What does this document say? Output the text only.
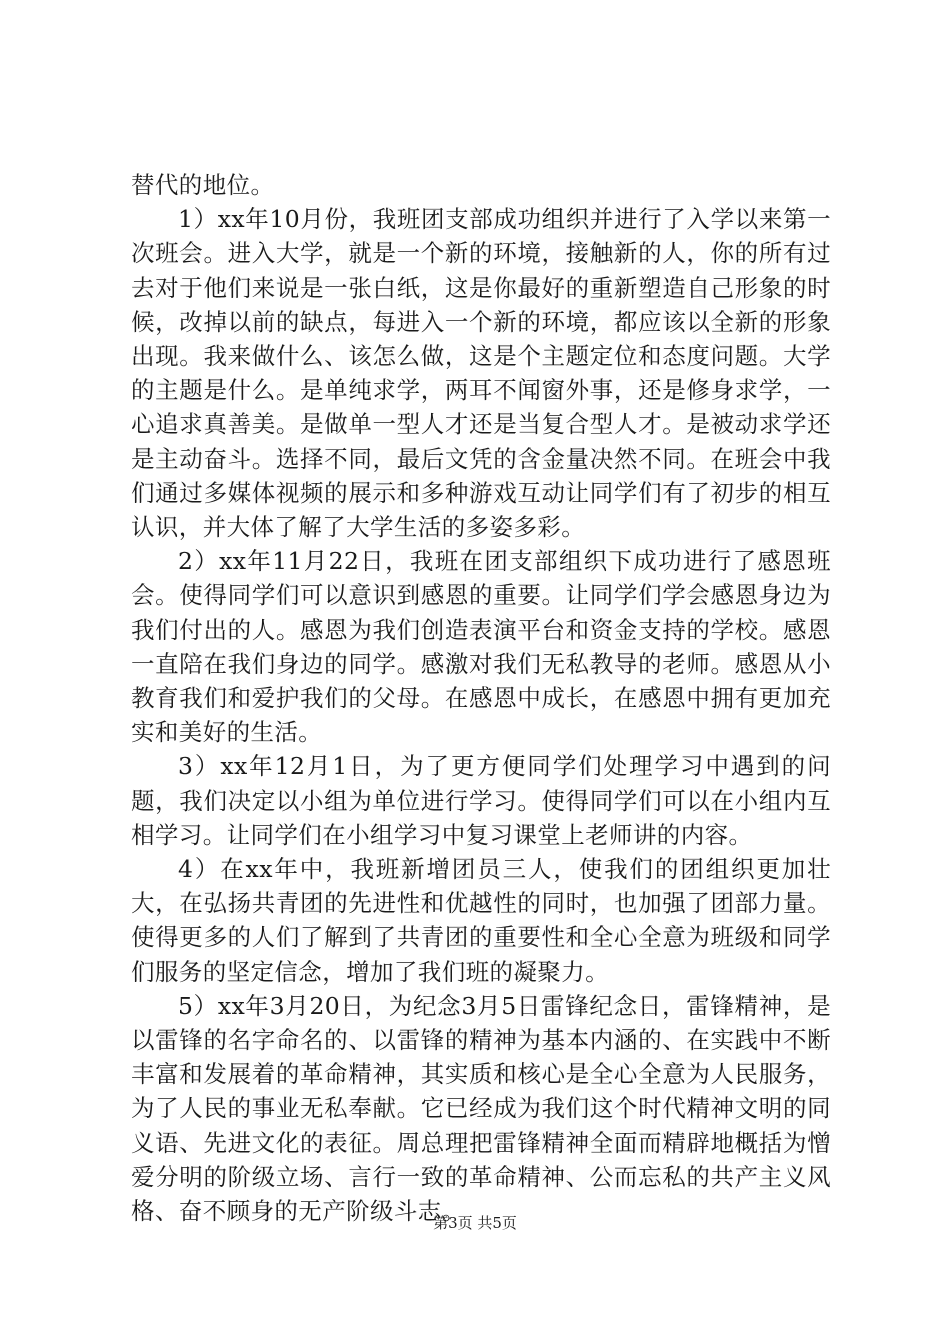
替代的地位。

1）xx年10月份，我班团支部成功组织并进行了入学以来第一次班会。进入大学，就是一个新的环境，接触新的人，你的所有过去对于他们来说是一张白纸，这是你最好的重新塑造自己形象的时候，改掉以前的缺点，每进入一个新的环境，都应该以全新的形象出现。我来做什么、该怎么做，这是个主题定位和态度问题。大学的主题是什么。是单纯求学，两耳不闻窗外事，还是修身求学，一心追求真善美。是做单一型人才还是当复合型人才。是被动求学还是主动奋斗。选择不同，最后文凭的含金量决然不同。在班会中我们通过多媒体视频的展示和多种游戏互动让同学们有了初步的相互认识，并大体了解了大学生活的多姿多彩。

2）xx年11月22日，我班在团支部组织下成功进行了感恩班会。使得同学们可以意识到感恩的重要。让同学们学会感恩身边为我们付出的人。感恩为我们创造表演平台和资金支持的学校。感恩一直陪在我们身边的同学。感激对我们无私教导的老师。感恩从小教育我们和爱护我们的父母。在感恩中成长，在感恩中拥有更加充实和美好的生活。

3）xx年12月1日，为了更方便同学们处理学习中遇到的问题，我们决定以小组为单位进行学习。使得同学们可以在小组内互相学习。让同学们在小组学习中复习课堂上老师讲的内容。

4）在xx年中，我班新增团员三人，使我们的团组织更加壮大，在弘扬共青团的先进性和优越性的同时，也加强了团部力量。使得更多的人们了解到了共青团的重要性和全心全意为班级和同学们服务的坚定信念，增加了我们班的凝聚力。

5）xx年3月20日，为纪念3月5日雷锋纪念日，雷锋精神，是以雷锋的名字命名的、以雷锋的精神为基本内涵的、在实践中不断丰富和发展着的革命精神，其实质和核心是全心全意为人民服务，为了人民的事业无私奉献。它已经成为我们这个时代精神文明的同义语、先进文化的表征。周总理把雷锋精神全面而精辟地概括为憎爱分明的阶级立场、言行一致的革命精神、公而忘私的共产主义风格、奋不顾身的无产阶级斗志。

第3页 共5页
